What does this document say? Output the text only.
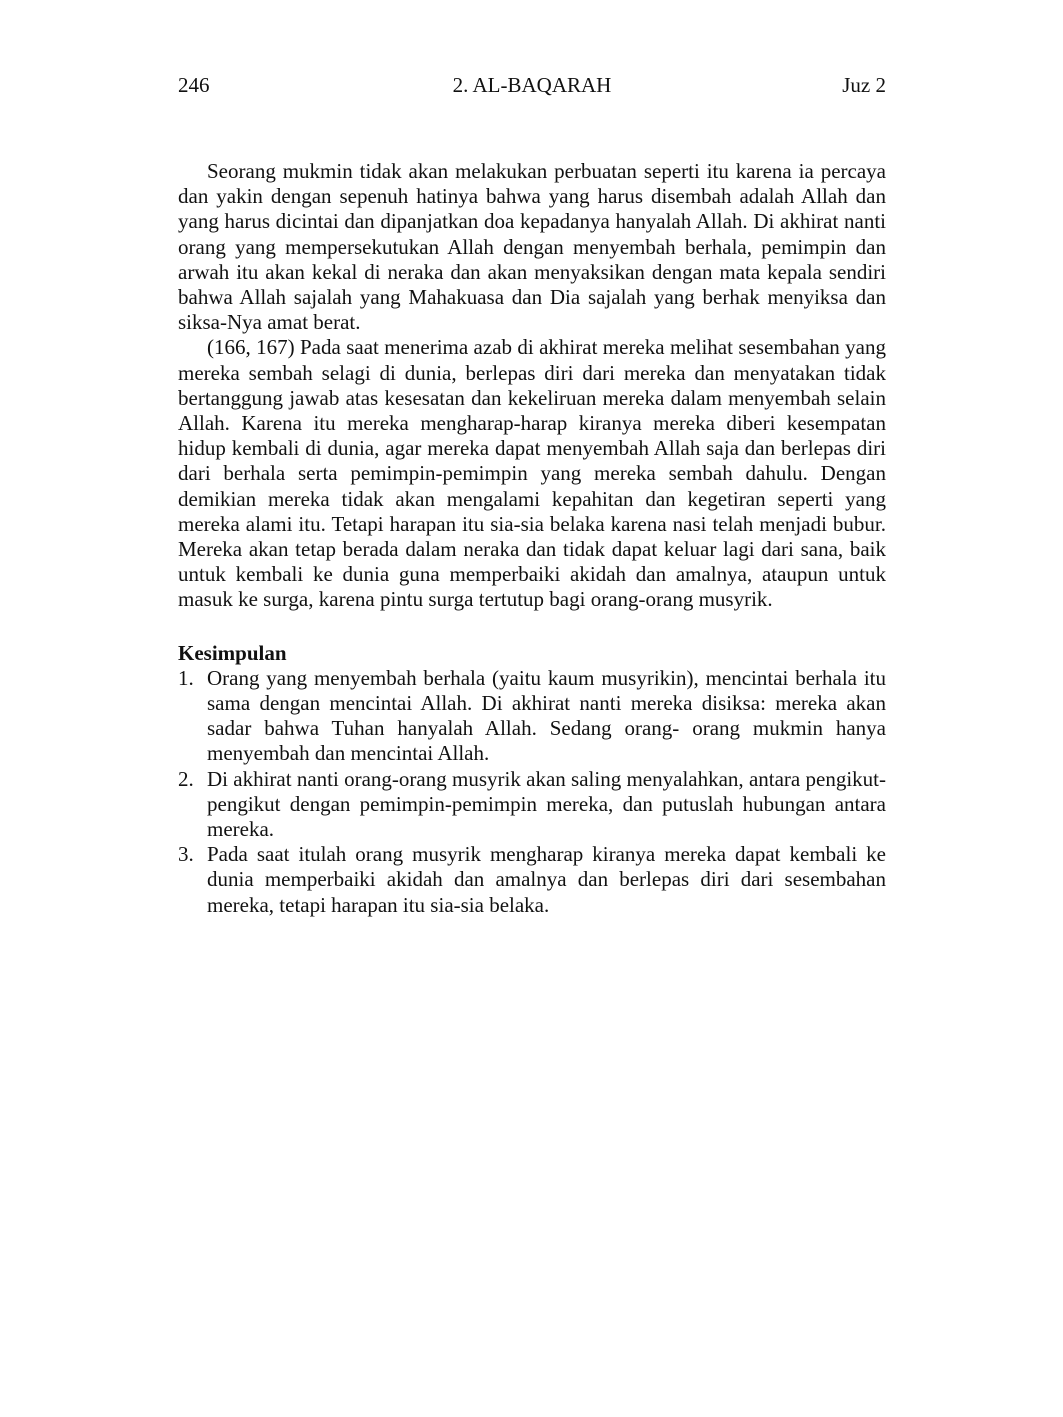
246	2. AL-BAQARAH	Juz 2

Seorang mukmin tidak akan melakukan perbuatan seperti itu karena ia percaya dan yakin dengan sepenuh hatinya bahwa yang harus disembah adalah Allah dan yang harus dicintai dan dipanjatkan doa kepadanya hanyalah Allah. Di akhirat nanti orang yang mempersekutukan Allah dengan menyembah berhala, pemimpin dan arwah itu akan kekal di neraka dan akan menyaksikan dengan mata kepala sendiri bahwa Allah sajalah yang Mahakuasa dan Dia sajalah yang berhak menyiksa dan siksa-Nya amat berat.

(166, 167) Pada saat menerima azab di akhirat mereka melihat sesembahan yang mereka sembah selagi di dunia, berlepas diri dari mereka dan menyatakan tidak bertanggung jawab atas kesesatan dan kekeliruan mereka dalam menyembah selain Allah. Karena itu mereka mengharap-harap kiranya mereka diberi kesempatan hidup kembali di dunia, agar mereka dapat menyembah Allah saja dan berlepas diri dari berhala serta pemimpin-pemimpin yang mereka sembah dahulu. Dengan demikian mereka tidak akan mengalami kepahitan dan kegetiran seperti yang mereka alami itu. Tetapi harapan itu sia-sia belaka karena nasi telah menjadi bubur. Mereka akan tetap berada dalam neraka dan tidak dapat keluar lagi dari sana, baik untuk kembali ke dunia guna memperbaiki akidah dan amalnya, ataupun untuk masuk ke surga, karena pintu surga tertutup bagi orang-orang musyrik.

Kesimpulan
1. Orang yang menyembah berhala (yaitu kaum musyrikin), mencintai berhala itu sama dengan mencintai Allah. Di akhirat nanti mereka disiksa: mereka akan sadar bahwa Tuhan hanyalah Allah. Sedang orang- orang mukmin hanya menyembah dan mencintai Allah.
2. Di akhirat nanti orang-orang musyrik akan saling menyalahkan, antara pengikut-pengikut dengan pemimpin-pemimpin mereka, dan putuslah hubungan antara mereka.
3. Pada saat itulah orang musyrik mengharap kiranya mereka dapat kembali ke dunia memperbaiki akidah dan amalnya dan berlepas diri dari sesembahan mereka, tetapi harapan itu sia-sia belaka.
